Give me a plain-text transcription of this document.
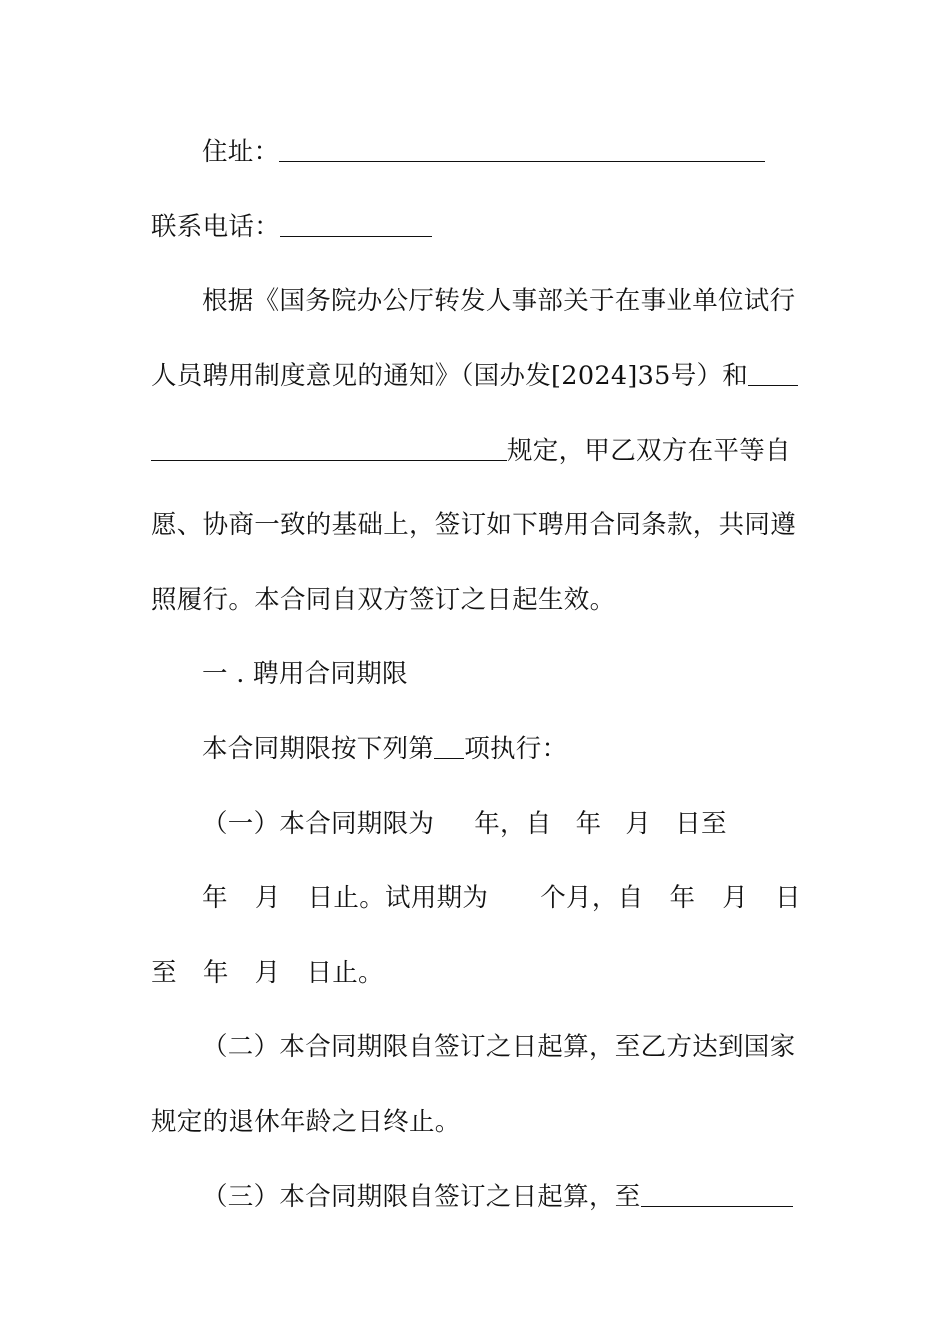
住址：
联系电话：
根据《国务院办公厅转发人事部关于在事业单位试行
人员聘用制度意见的通知》（国办发[2024]35号）和
规定，甲乙双方在平等自
愿、协商一致的基础上，签订如下聘用合同条款，共同遵
照履行。本合同自双方签订之日起生效。
一 . 聘用合同期限
本合同期限按下列第 项执行：
（一）本合同期限为 年，自 年 月 日至
年 月 日止。试用期为 个月，自 年 月 日
至 年 月 日止。
（二）本合同期限自签订之日起算，至乙方达到国家
规定的退休年龄之日终止。
（三）本合同期限自签订之日起算，至
